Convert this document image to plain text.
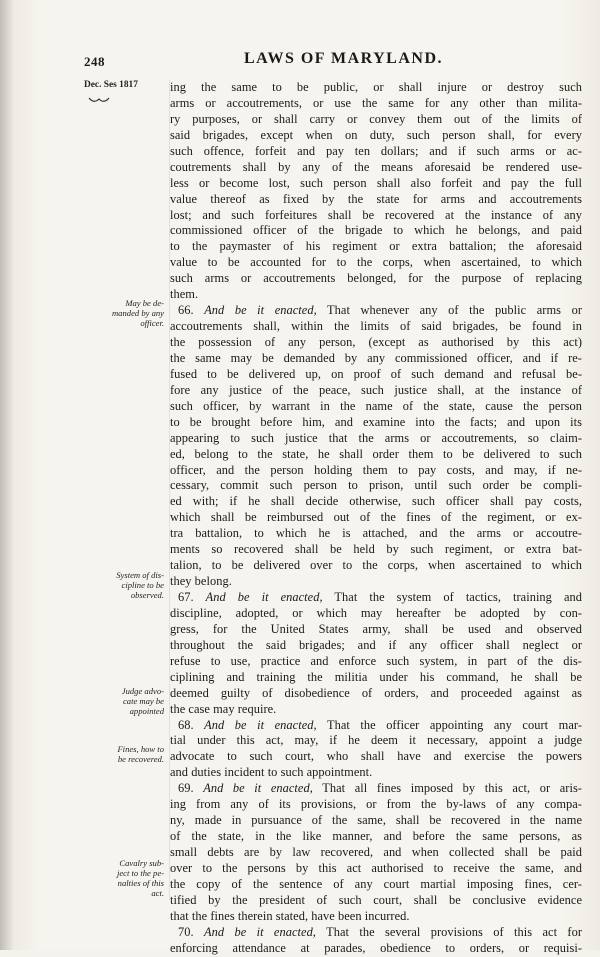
248	LAWS OF MARYLAND.
Dec. Ses 1817
May be de-
manded by any
officer.
System of dis-
cipline to be
observed.
Judge advo-
cate may be
appointed
Fines, how to
be recovered.
Cavalry sub-
ject to the pe-
nalties of this
act.
ing the same to be public, or shall injure or destroy such
arms or accoutrements, or use the same for any other than milita-
ry purposes, or shall carry or convey them out of the limits of
said brigades, except when on duty, such person shall, for every
such offence, forfeit and pay ten dollars; and if such arms or ac-
coutrements shall by any of the means aforesaid be rendered use-
less or become lost, such person shall also forfeit and pay the full
value thereof as fixed by the state for arms and accoutrements
lost; and such forfeitures shall be recovered at the instance of any
commissioned officer of the brigade to which he belongs, and paid
to the paymaster of his regiment or extra battalion; the aforesaid
value to be accounted for to the corps, when ascertained, to which
such arms or accoutrements belonged, for the purpose of replacing
them.
66. And be it enacted, That whenever any of the public arms or
accoutrements shall, within the limits of said brigades, be found in
the possession of any person, (except as authorised by this act)
the same may be demanded by any commissioned officer, and if re-
fused to be delivered up, on proof of such demand and refusal be-
fore any justice of the peace, such justice shall, at the instance of
such officer, by warrant in the name of the state, cause the person
to be brought before him, and examine into the facts; and upon its
appearing to such justice that the arms or accoutrements, so claim-
ed, belong to the state, he shall order them to be delivered to such
officer, and the person holding them to pay costs, and may, if ne-
cessary, commit such person to prison, until such order be compli-
ed with; if he shall decide otherwise, such officer shall pay costs,
which shall be reimbursed out of the fines of the regiment, or ex-
tra battalion, to which he is attached, and the arms or accoutre-
ments so recovered shall be held by such regiment, or extra bat-
talion, to be delivered over to the corps, when ascertained to which
they belong.
67. And be it enacted, That the system of tactics, training and
discipline, adopted, or which may hereafter be adopted by con-
gress, for the United States army, shall be used and observed
throughout the said brigades; and if any officer shall neglect or
refuse to use, practice and enforce such system, in part of the dis-
ciplining and training the militia under his command, he shall be
deemed guilty of disobedience of orders, and proceeded against as
the case may require.
68. And be it enacted, That the officer appointing any court mar-
tial under this act, may, if he deem it necessary, appoint a judge
advocate to such court, who shall have and exercise the powers
and duties incident to such appointment.
69. And be it enacted, That all fines imposed by this act, or aris-
ing from any of its provisions, or from the by-laws of any compa-
ny, made in pursuance of the same, shall be recovered in the name
of the state, in the like manner, and before the same persons, as
small debts are by law recovered, and when collected shall be paid
over to the persons by this act authorised to receive the same, and
the copy of the sentence of any court martial imposing fines, cer-
tified by the president of such court, shall be conclusive evidence
that the fines therein stated, have been incurred.
70. And be it enacted, That the several provisions of this act for
enforcing attendance at parades, obedience to orders, or requisi-
